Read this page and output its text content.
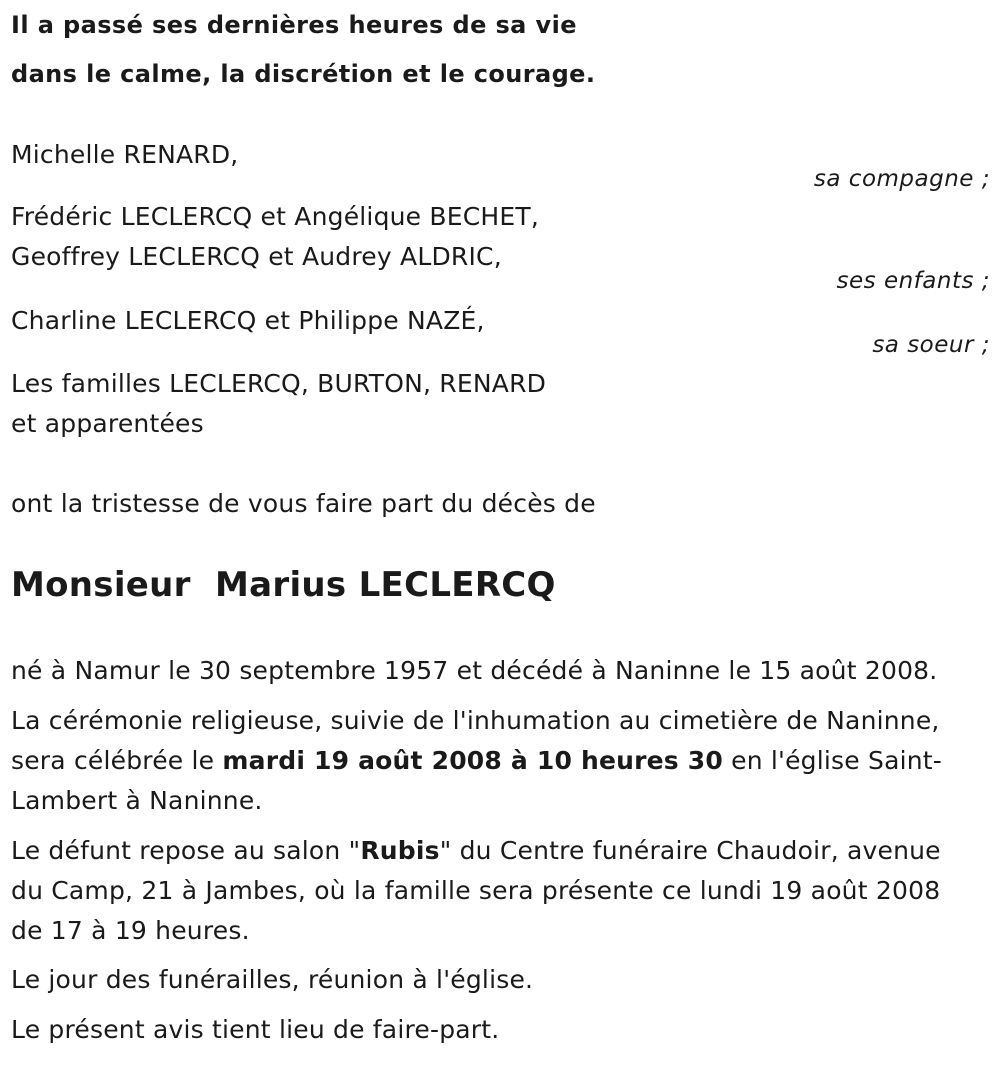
Il a passé ses dernières heures de sa vie
dans le calme, la discrétion et le courage.
Michelle RENARD,
sa compagne ;
Frédéric LECLERCQ et Angélique BECHET,
Geoffrey LECLERCQ et Audrey ALDRIC,
ses enfants ;
Charline LECLERCQ et Philippe NAZÉ,
sa soeur ;
Les familles LECLERCQ, BURTON, RENARD
et apparentées
ont la tristesse de vous faire part du décès de
Monsieur Marius LECLERCQ
né à Namur le 30 septembre 1957 et décédé à Naninne le 15 août 2008.
La cérémonie religieuse, suivie de l'inhumation au cimetière de Naninne,
sera célébrée le mardi 19 août 2008 à 10 heures 30 en l'église Saint-
Lambert à Naninne.
Le défunt repose au salon "Rubis" du Centre funéraire Chaudoir, avenue
du Camp, 21 à Jambes, où la famille sera présente ce lundi 19 août 2008
de 17 à 19 heures.
Le jour des funérailles, réunion à l'église.
Le présent avis tient lieu de faire-part.
